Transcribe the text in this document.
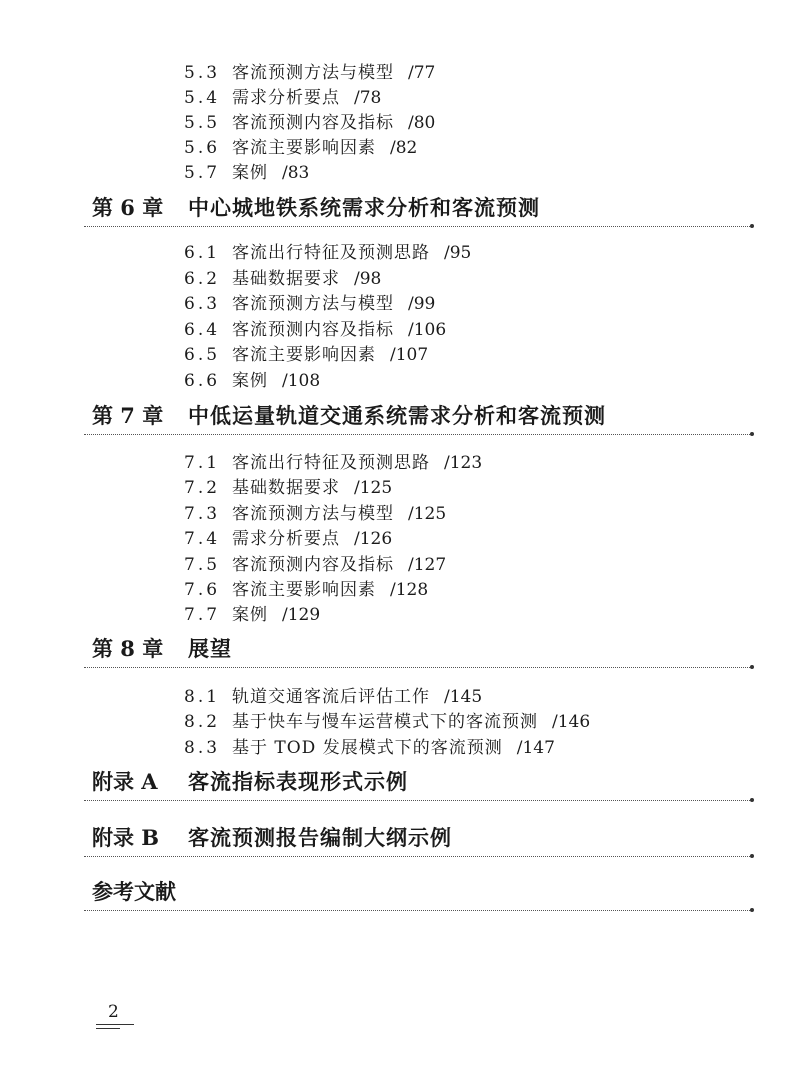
5.3 客流预测方法与模型 /77
5.4 需求分析要点 /78
5.5 客流预测内容及指标 /80
5.6 客流主要影响因素 /82
5.7 案例 /83
第 6 章 中心城地铁系统需求分析和客流预测
6.1 客流出行特征及预测思路 /95
6.2 基础数据要求 /98
6.3 客流预测方法与模型 /99
6.4 客流预测内容及指标 /106
6.5 客流主要影响因素 /107
6.6 案例 /108
第 7 章 中低运量轨道交通系统需求分析和客流预测
7.1 客流出行特征及预测思路 /123
7.2 基础数据要求 /125
7.3 客流预测方法与模型 /125
7.4 需求分析要点 /126
7.5 客流预测内容及指标 /127
7.6 客流主要影响因素 /128
7.7 案例 /129
第 8 章 展望
8.1 轨道交通客流后评估工作 /145
8.2 基于快车与慢车运营模式下的客流预测 /146
8.3 基于 TOD 发展模式下的客流预测 /147
附录 A 客流指标表现形式示例
附录 B 客流预测报告编制大纲示例
参考文献
2
